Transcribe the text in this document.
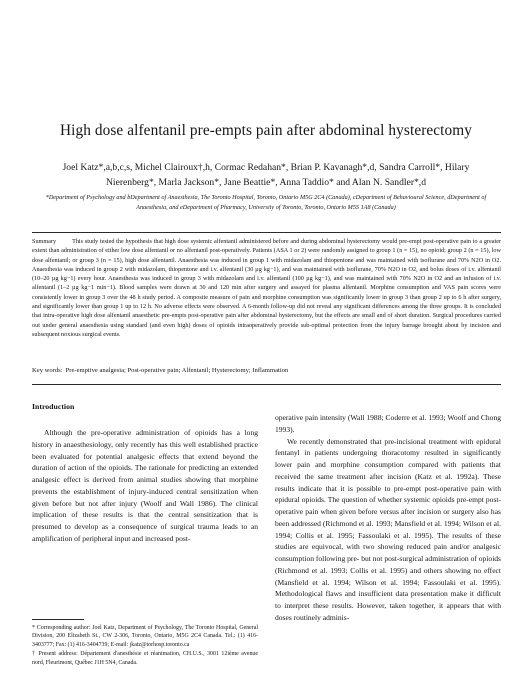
High dose alfentanil pre-empts pain after abdominal hysterectomy
Joel Katz*,a,b,c,s, Michel Clairoux†,h, Cormac Redahan*, Brian P. Kavanagh*,d, Sandra Carroll*, Hilary Nierenberg*, Marla Jackson*, Jane Beattie*, Anna Taddio* and Alan N. Sandler*,d
*Department of Psychology and bDepartment of Anaesthesia, The Toronto Hospital, Toronto, Ontario M5G 2C4 (Canada), cDepartment of Behavioural Science, dDepartment of Anaesthesia, and eDepartment of Pharmacy, University of Toronto, Toronto, Ontario M5S 1A8 (Canada)
Summary	This study tested the hypothesis that high dose systemic alfentanil administered before and during abdominal hysterectomy would pre-empt post-operative pain to a greater extent than administration of either low dose alfentanil or no alfentanil post-operatively. Patients (ASA 1 or 2) were randomly assigned to group 1 (n = 15), no opioid; group 2 (n = 15), low dose alfentanil; or group 3 (n = 15), high dose alfentanil. Anaesthesia was induced in group 1 with midazolam and thiopentone and was maintained with isoflurane and 70% N2O in O2. Anaesthesia was induced in group 2 with midazolam, thiopentone and i.v. alfentanil (30 µg kg−1), and was maintained with isoflurane, 70% N2O in O2, and bolus doses of i.v. alfentanil (10–20 µg kg−1) every hour. Anaesthesia was induced in group 3 with midazolam and i.v. alfentanil (100 µg kg−1), and was maintained with 70% N2O in O2 and an infusion of i.v. alfentanil (1–2 µg kg−1 min−1). Blood samples were drawn at 30 and 120 min after surgery and assayed for plasma alfentanil. Morphine consumption and VAS pain scores were consistently lower in group 3 over the 48 h study period. A composite measure of pain and morphine consumption was significantly lower in group 3 than group 2 up to 6 h after surgery, and significantly lower than group 1 up to 12 h. No adverse effects were observed. A 6-month follow-up did not reveal any significant differences among the three groups. It is concluded that intra-operative high dose alfentanil anaesthetic pre-empts post-operative pain after abdominal hysterectomy, but the effects are small and of short duration. Surgical procedures carried out under general anaesthesia using standard (and even high) doses of opioids intraoperatively provide sub-optimal protection from the injury barrage brought about by incision and subsequent noxious surgical events.
Key words: Pre-emptive analgesia; Post-operative pain; Alfentanil; Hysterectomy; Inflammation
Introduction

Although the pre-operative administration of opioids has a long history in anaesthesiology, only recently has this well established practice been evaluated for potential analgesic effects that extend beyond the duration of action of the opioids. The rationale for predicting an extended analgesic effect is derived from animal studies showing that morphine prevents the establishment of injury-induced central sensitization when given before but not after injury (Woolf and Wall 1986). The clinical implication of these results is that the central sensitization that is presumed to develop as a consequence of surgical trauma leads to an amplification of peripheral input and increased post-

operative pain intensity (Wall 1988; Coderre et al. 1993; Woolf and Chong 1993).

We recently demonstrated that pre-incisional treatment with epidural fentanyl in patients undergoing thoracotomy resulted in significantly lower pain and morphine consumption compared with patients that received the same treatment after incision (Katz et al. 1992a). These results indicate that it is possible to pre-empt post-operative pain with epidural opioids. The question of whether systemic opioids pre-empt post-operative pain when given before versus after incision or surgery also has been addressed (Richmond et al. 1993; Mansfield et al. 1994; Wilson et al. 1994; Collis et al. 1995; Fassoulaki et al. 1995). The results of these studies are equivocal, with two showing reduced pain and/or analgesic consumption following pre- but not post-surgical administration of opioids (Richmond et al. 1993; Collis et al. 1995) and others showing no effect (Mansfield et al. 1994; Wilson et al. 1994; Fassoulaki et al. 1995). Methodological flaws and insufficient data presentation make it difficult to interpret these results. However, taken together, it appears that with doses routinely adminis-

* Corresponding author: Joel Katz, Department of Psychology, The Toronto Hospital, General Division, 200 Elizabeth St., CW 2-306, Toronto, Ontario, M5G 2C4 Canada. Tel.: (1) 416-3403777; Fax: (1) 416-3404739; E-mail: jkatz@torhosp.toronto.ca

† Present address: Département d'anesthésie et réanimation, CH.U.S., 3001 12ième avenue nord, Fleurimont, Québec J1H 5N4, Canada.
